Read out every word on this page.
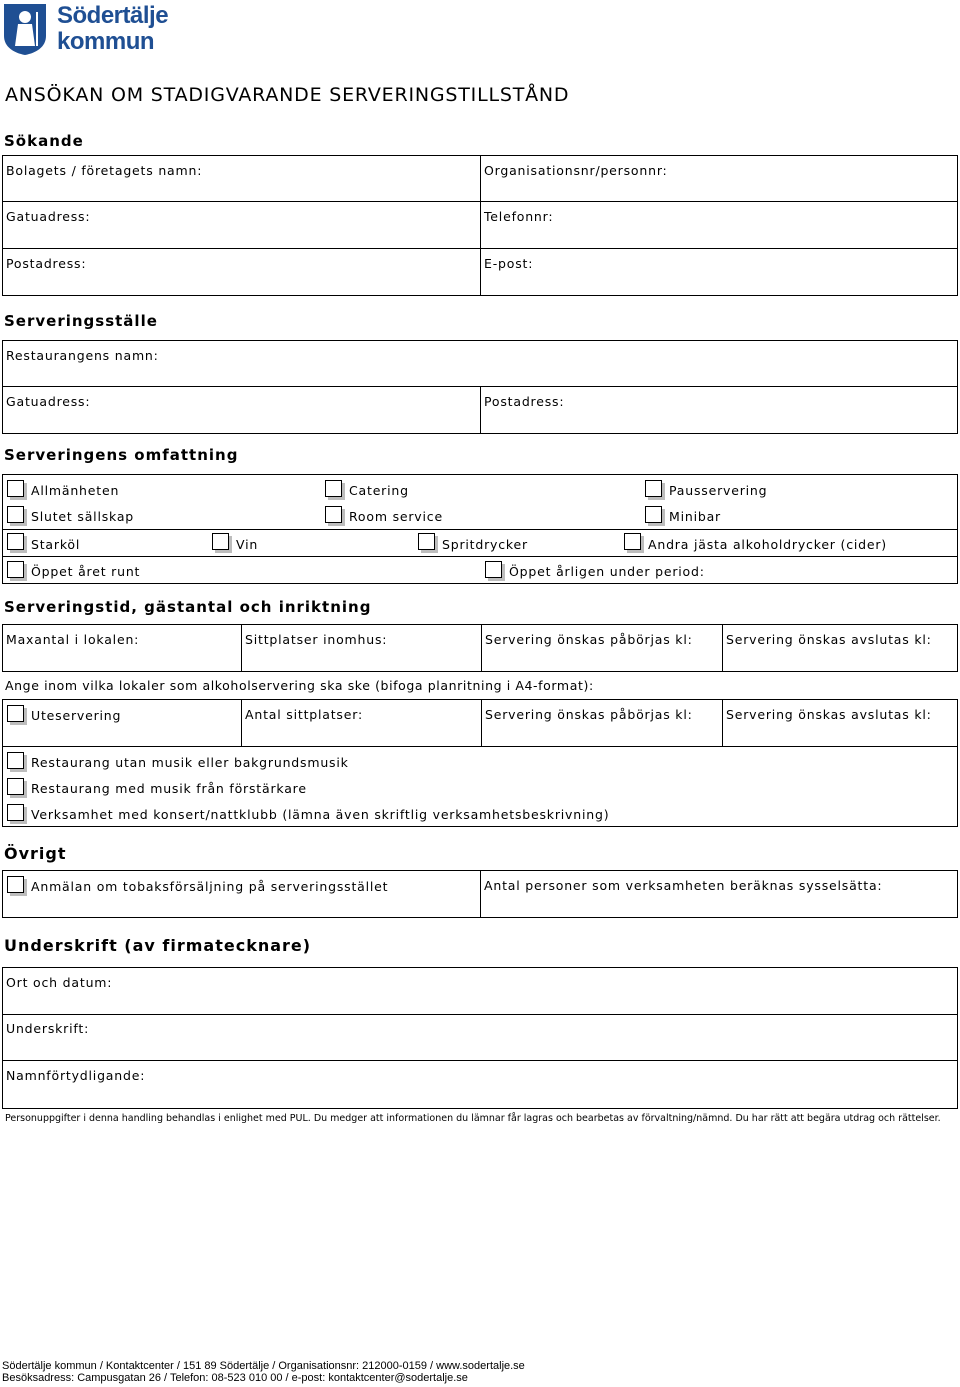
Södertälje
kommun
ANSÖKAN OM STADIGVARANDE SERVERINGSTILLSTÅND
Sökande
Bolagets / företagets namn:	Organisationsnr/personnr:
Gatuadress:	Telefonnr:
Postadress:	E-post:
Serveringsställe
Restaurangens namn:
Gatuadress:	Postadress:
Serveringens omfattning
Allmänheten	Catering	Pausservering
Slutet sällskap	Room service	Minibar
Starköl	Vin	Spritdrycker	Andra jästa alkoholdrycker (cider)
Öppet året runt	Öppet årligen under period:
Serveringstid, gästantal och inriktning
Maxantal i lokalen:	Sittplatser inomhus:	Servering önskas påbörjas kl:	Servering önskas avslutas kl:
Ange inom vilka lokaler som alkoholservering ska ske (bifoga planritning i A4-format):
Uteservering	Antal sittplatser:	Servering önskas påbörjas kl:	Servering önskas avslutas kl:
Restaurang utan musik eller bakgrundsmusik
Restaurang med musik från förstärkare
Verksamhet med konsert/nattklubb (lämna även skriftlig verksamhetsbeskrivning)
Övrigt
Anmälan om tobaksförsäljning på serveringsstället	Antal personer som verksamheten beräknas sysselsätta:
Underskrift (av firmatecknare)
Ort och datum:
Underskrift:
Namnförtydligande:
Personuppgifter i denna handling behandlas i enlighet med PUL. Du medger att informationen du lämnar får lagras och bearbetas av förvaltning/nämnd. Du har rätt att begära utdrag och rättelser.
Södertälje kommun / Kontaktcenter / 151 89 Södertälje / Organisationsnr: 212000-0159 / www.sodertalje.se
Besöksadress: Campusgatan 26 / Telefon: 08-523 010 00 / e-post: kontaktcenter@sodertalje.se
